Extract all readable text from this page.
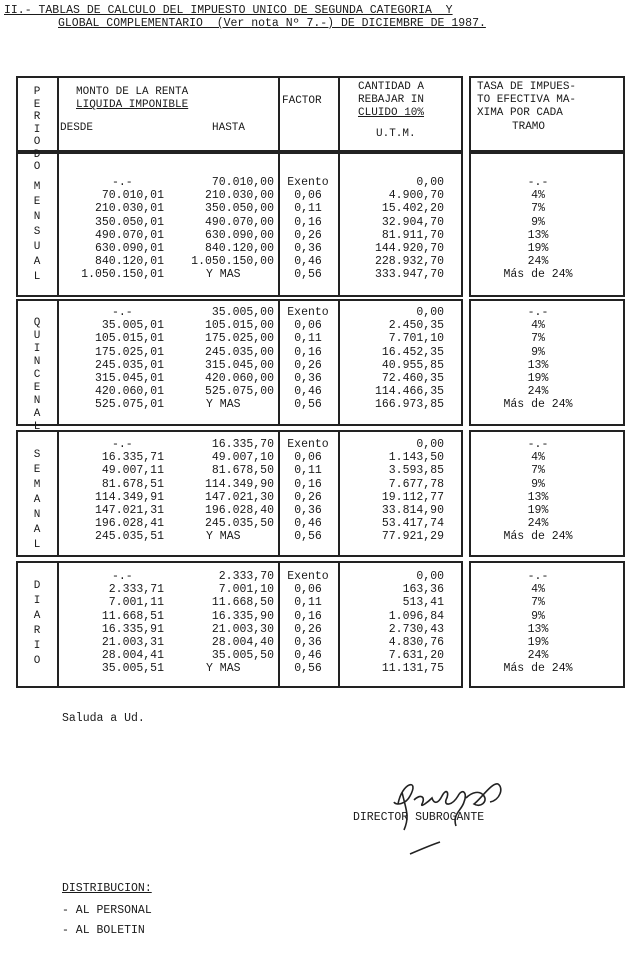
II.- TABLAS DE CALCULO DEL IMPUESTO UNICO DE SEGUNDA CATEGORIA  Y
GLOBAL COMPLEMENTARIO  (Ver nota Nº 7.-) DE DICIEMBRE DE 1987.
P
E
R
I
O
D
O
MONTO DE LA RENTA
LIQUIDA IMPONIBLE
DESDE	HASTA
FACTOR
CANTIDAD A
REBAJAR IN
CLUIDO 10%
U.T.M.
TASA DE IMPUES-
TO EFECTIVA MA-
XIMA POR CADA
TRAMO
M
E
N
S
U
A
L
-.-	70.010,00	Exento	0,00	-.-
70.010,01	210.030,00	0,06	4.900,70	4%
210.030,01	350.050,00	0,11	15.402,20	7%
350.050,01	490.070,00	0,16	32.904,70	9%
490.070,01	630.090,00	0,26	81.911,70	13%
630.090,01	840.120,00	0,36	144.920,70	19%
840.120,01	1.050.150,00	0,46	228.932,70	24%
1.050.150,01	Y MAS	0,56	333.947,70	Más de 24%
Q
U
I
N
C
E
N
A
L
-.-	35.005,00	Exento	0,00	-.-
35.005,01	105.015,00	0,06	2.450,35	4%
105.015,01	175.025,00	0,11	7.701,10	7%
175.025,01	245.035,00	0,16	16.452,35	9%
245.035,01	315.045,00	0,26	40.955,85	13%
315.045,01	420.060,00	0,36	72.460,35	19%
420.060,01	525.075,00	0,46	114.466,35	24%
525.075,01	Y MAS	0,56	166.973,85	Más de 24%
S
E
M
A
N
A
L
-.-	16.335,70	Exento	0,00	-.-
16.335,71	49.007,10	0,06	1.143,50	4%
49.007,11	81.678,50	0,11	3.593,85	7%
81.678,51	114.349,90	0,16	7.677,78	9%
114.349,91	147.021,30	0,26	19.112,77	13%
147.021,31	196.028,40	0,36	33.814,90	19%
196.028,41	245.035,50	0,46	53.417,74	24%
245.035,51	Y MAS	0,56	77.921,29	Más de 24%
D
I
A
R
I
O
-.-	2.333,70	Exento	0,00	-.-
2.333,71	7.001,10	0,06	163,36	4%
7.001,11	11.668,50	0,11	513,41	7%
11.668,51	16.335,90	0,16	1.096,84	9%
16.335,91	21.003,30	0,26	2.730,43	13%
21.003,31	28.004,40	0,36	4.830,76	19%
28.004,41	35.005,50	0,46	7.631,20	24%
35.005,51	Y MAS	0,56	11.131,75	Más de 24%
Saluda a Ud.
DIRECTOR SUBROGANTE
DISTRIBUCION:
- AL PERSONAL
- AL BOLETIN
